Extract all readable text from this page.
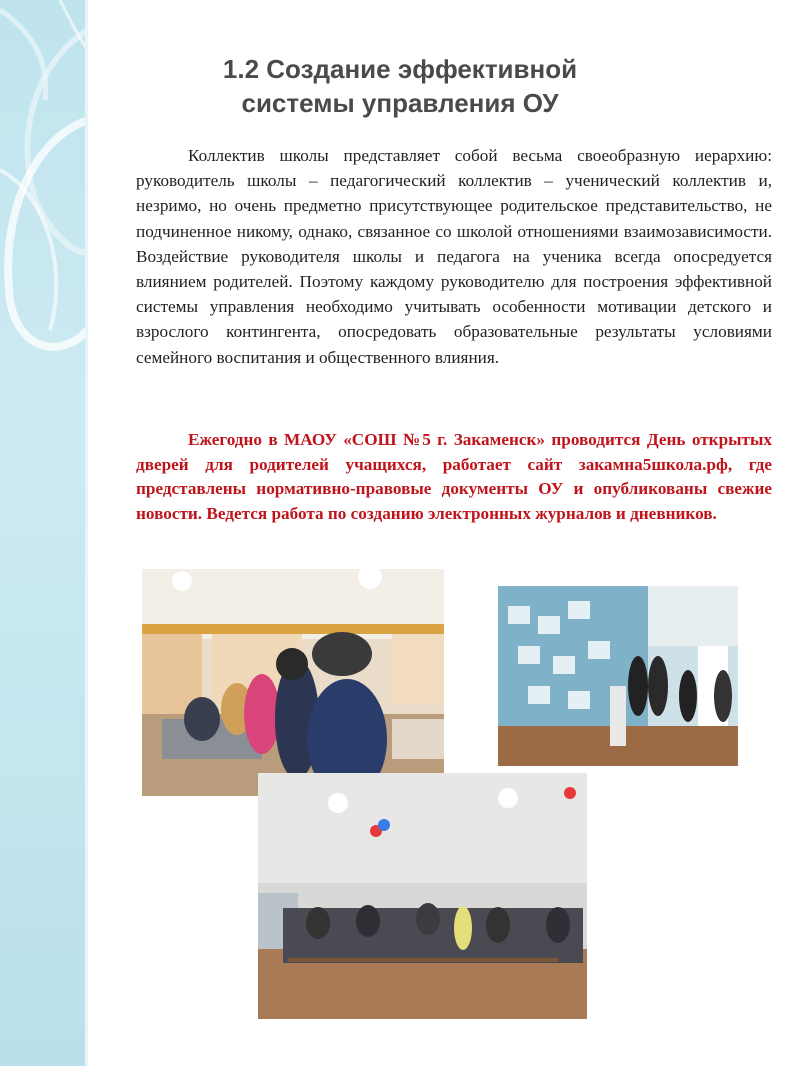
1.2 Создание эффективной
системы управления ОУ

Коллектив школы представляет собой весьма своеобразную иерархию: руководитель школы – педагогический коллектив – ученический коллектив и, незримо, но очень предметно присутствующее родительское представительство, не подчиненное никому, однако, связанное со школой отношениями взаимозависимости. Воздействие руководителя школы и педагога на ученика всегда опосредуется влиянием родителей. Поэтому каждому руководителю для построения эффективной системы управления необходимо учитывать особенности мотивации детского и взрослого контингента, опосредовать образовательные результаты условиями семейного воспитания и общественного влияния.

Ежегодно в МАОУ «СОШ №5 г. Закаменск» проводится День открытых дверей для родителей учащихся, работает сайт закамна5школа.рф, где представлены нормативно-правовые документы ОУ и опубликованы свежие новости. Ведется работа по созданию электронных журналов и дневников.
